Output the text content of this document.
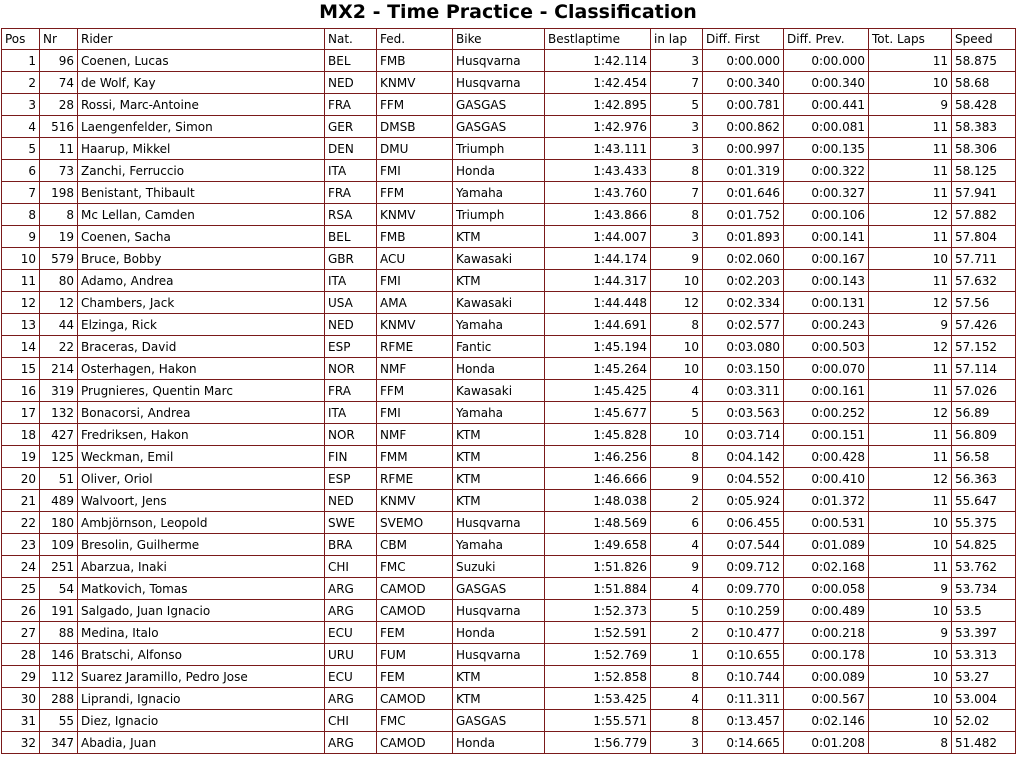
MX2 - Time Practice - Classification
Pos	Nr	Rider	Nat.	Fed.	Bike	Bestlaptime	in lap	Diff. First	Diff. Prev.	Tot. Laps	Speed
1	96	Coenen, Lucas	BEL	FMB	Husqvarna	1:42.114	3	0:00.000	0:00.000	11	58.875
2	74	de Wolf, Kay	NED	KNMV	Husqvarna	1:42.454	7	0:00.340	0:00.340	10	58.68
3	28	Rossi, Marc-Antoine	FRA	FFM	GASGAS	1:42.895	5	0:00.781	0:00.441	9	58.428
4	516	Laengenfelder, Simon	GER	DMSB	GASGAS	1:42.976	3	0:00.862	0:00.081	11	58.383
5	11	Haarup, Mikkel	DEN	DMU	Triumph	1:43.111	3	0:00.997	0:00.135	11	58.306
6	73	Zanchi, Ferruccio	ITA	FMI	Honda	1:43.433	8	0:01.319	0:00.322	11	58.125
7	198	Benistant, Thibault	FRA	FFM	Yamaha	1:43.760	7	0:01.646	0:00.327	11	57.941
8	8	Mc Lellan, Camden	RSA	KNMV	Triumph	1:43.866	8	0:01.752	0:00.106	12	57.882
9	19	Coenen, Sacha	BEL	FMB	KTM	1:44.007	3	0:01.893	0:00.141	11	57.804
10	579	Bruce, Bobby	GBR	ACU	Kawasaki	1:44.174	9	0:02.060	0:00.167	10	57.711
11	80	Adamo, Andrea	ITA	FMI	KTM	1:44.317	10	0:02.203	0:00.143	11	57.632
12	12	Chambers, Jack	USA	AMA	Kawasaki	1:44.448	12	0:02.334	0:00.131	12	57.56
13	44	Elzinga, Rick	NED	KNMV	Yamaha	1:44.691	8	0:02.577	0:00.243	9	57.426
14	22	Braceras, David	ESP	RFME	Fantic	1:45.194	10	0:03.080	0:00.503	12	57.152
15	214	Osterhagen, Hakon	NOR	NMF	Honda	1:45.264	10	0:03.150	0:00.070	11	57.114
16	319	Prugnieres, Quentin Marc	FRA	FFM	Kawasaki	1:45.425	4	0:03.311	0:00.161	11	57.026
17	132	Bonacorsi, Andrea	ITA	FMI	Yamaha	1:45.677	5	0:03.563	0:00.252	12	56.89
18	427	Fredriksen, Hakon	NOR	NMF	KTM	1:45.828	10	0:03.714	0:00.151	11	56.809
19	125	Weckman, Emil	FIN	FMM	KTM	1:46.256	8	0:04.142	0:00.428	11	56.58
20	51	Oliver, Oriol	ESP	RFME	KTM	1:46.666	9	0:04.552	0:00.410	12	56.363
21	489	Walvoort, Jens	NED	KNMV	KTM	1:48.038	2	0:05.924	0:01.372	11	55.647
22	180	Ambjörnson, Leopold	SWE	SVEMO	Husqvarna	1:48.569	6	0:06.455	0:00.531	10	55.375
23	109	Bresolin, Guilherme	BRA	CBM	Yamaha	1:49.658	4	0:07.544	0:01.089	10	54.825
24	251	Abarzua, Inaki	CHI	FMC	Suzuki	1:51.826	9	0:09.712	0:02.168	11	53.762
25	54	Matkovich, Tomas	ARG	CAMOD	GASGAS	1:51.884	4	0:09.770	0:00.058	9	53.734
26	191	Salgado, Juan Ignacio	ARG	CAMOD	Husqvarna	1:52.373	5	0:10.259	0:00.489	10	53.5
27	88	Medina, Italo	ECU	FEM	Honda	1:52.591	2	0:10.477	0:00.218	9	53.397
28	146	Bratschi, Alfonso	URU	FUM	Husqvarna	1:52.769	1	0:10.655	0:00.178	10	53.313
29	112	Suarez Jaramillo, Pedro Jose	ECU	FEM	KTM	1:52.858	8	0:10.744	0:00.089	10	53.27
30	288	Liprandi, Ignacio	ARG	CAMOD	KTM	1:53.425	4	0:11.311	0:00.567	10	53.004
31	55	Diez, Ignacio	CHI	FMC	GASGAS	1:55.571	8	0:13.457	0:02.146	10	52.02
32	347	Abadia, Juan	ARG	CAMOD	Honda	1:56.779	3	0:14.665	0:01.208	8	51.482
